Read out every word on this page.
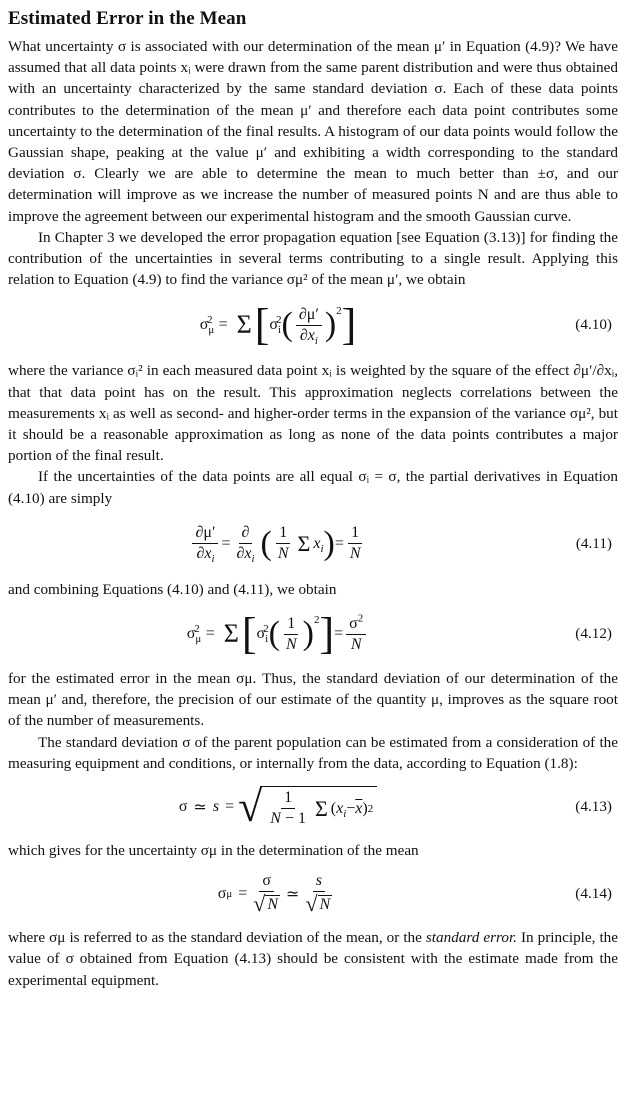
Estimated Error in the Mean

What uncertainty σ is associated with our determination of the mean μ′ in Equation (4.9)? We have assumed that all data points xᵢ were drawn from the same parent distribution and were thus obtained with an uncertainty characterized by the same standard deviation σ. Each of these data points contributes to the determination of the mean μ′ and therefore each data point contributes some uncertainty to the determination of the final results. A histogram of our data points would follow the Gaussian shape, peaking at the value μ′ and exhibiting a width corresponding to the standard deviation σ. Clearly we are able to determine the mean to much better than ±σ, and our determination will improve as we increase the number of measured points N and are thus able to improve the agreement between our experimental histogram and the smooth Gaussian curve.

In Chapter 3 we developed the error propagation equation [see Equation (3.13)] for finding the contribution of the uncertainties in several terms contributing to a single result. Applying this relation to Equation (4.9) to find the variance σμ² of the mean μ′, we obtain

$\sigma_\mu^2 = \Sigma$ [ $\sigma_i^2$ ( $\frac{\partial\mu'}{\partial x_i} )^2$ ]	(4.10)

where the variance σᵢ² in each measured data point xᵢ is weighted by the square of the effect ∂μ′/∂xᵢ, that that data point has on the result. This approximation neglects correlations between the measurements xᵢ as well as second- and higher-order terms in the expansion of the variance σμ², but it should be a reasonable approximation as long as none of the data points contributes a major portion of the final result.

If the uncertainties of the data points are all equal σᵢ = σ, the partial derivatives in Equation (4.10) are simply

$\frac{\partial\mu'}{\partial x_i} = \frac{\partial}{\partial x_i}$ ( $\frac{1}{N}$ Σ $x_i$ ) = $\frac{1}{N}$	(4.11)

and combining Equations (4.10) and (4.11), we obtain

$\sigma_\mu^2 = \Sigma$ [ $\sigma_i^2$ ( $\frac{1}{N} )^2$ ] = $\frac{\sigma^2}{N}$	(4.12)

for the estimated error in the mean σμ. Thus, the standard deviation of our determination of the mean μ′ and, therefore, the precision of our estimate of the quantity μ, improves as the square root of the number of measurements.

The standard deviation σ of the parent population can be estimated from a consideration of the measuring equipment and conditions, or internally from the data, according to Equation (1.8):

σ ≃ s = √ $\frac{1}{N - 1}$ Σ ( $x_i - \overline{x}$ ) 2	(4.13)

which gives for the uncertainty σμ in the determination of the mean

σ $\mu = \frac{\sigma}{√ N}$ ≃ $\frac{s}{√ N}$	(4.14)

where σμ is referred to as the standard deviation of the mean, or the standard error. In principle, the value of σ obtained from Equation (4.13) should be consistent with the estimate made from the experimental equipment.
